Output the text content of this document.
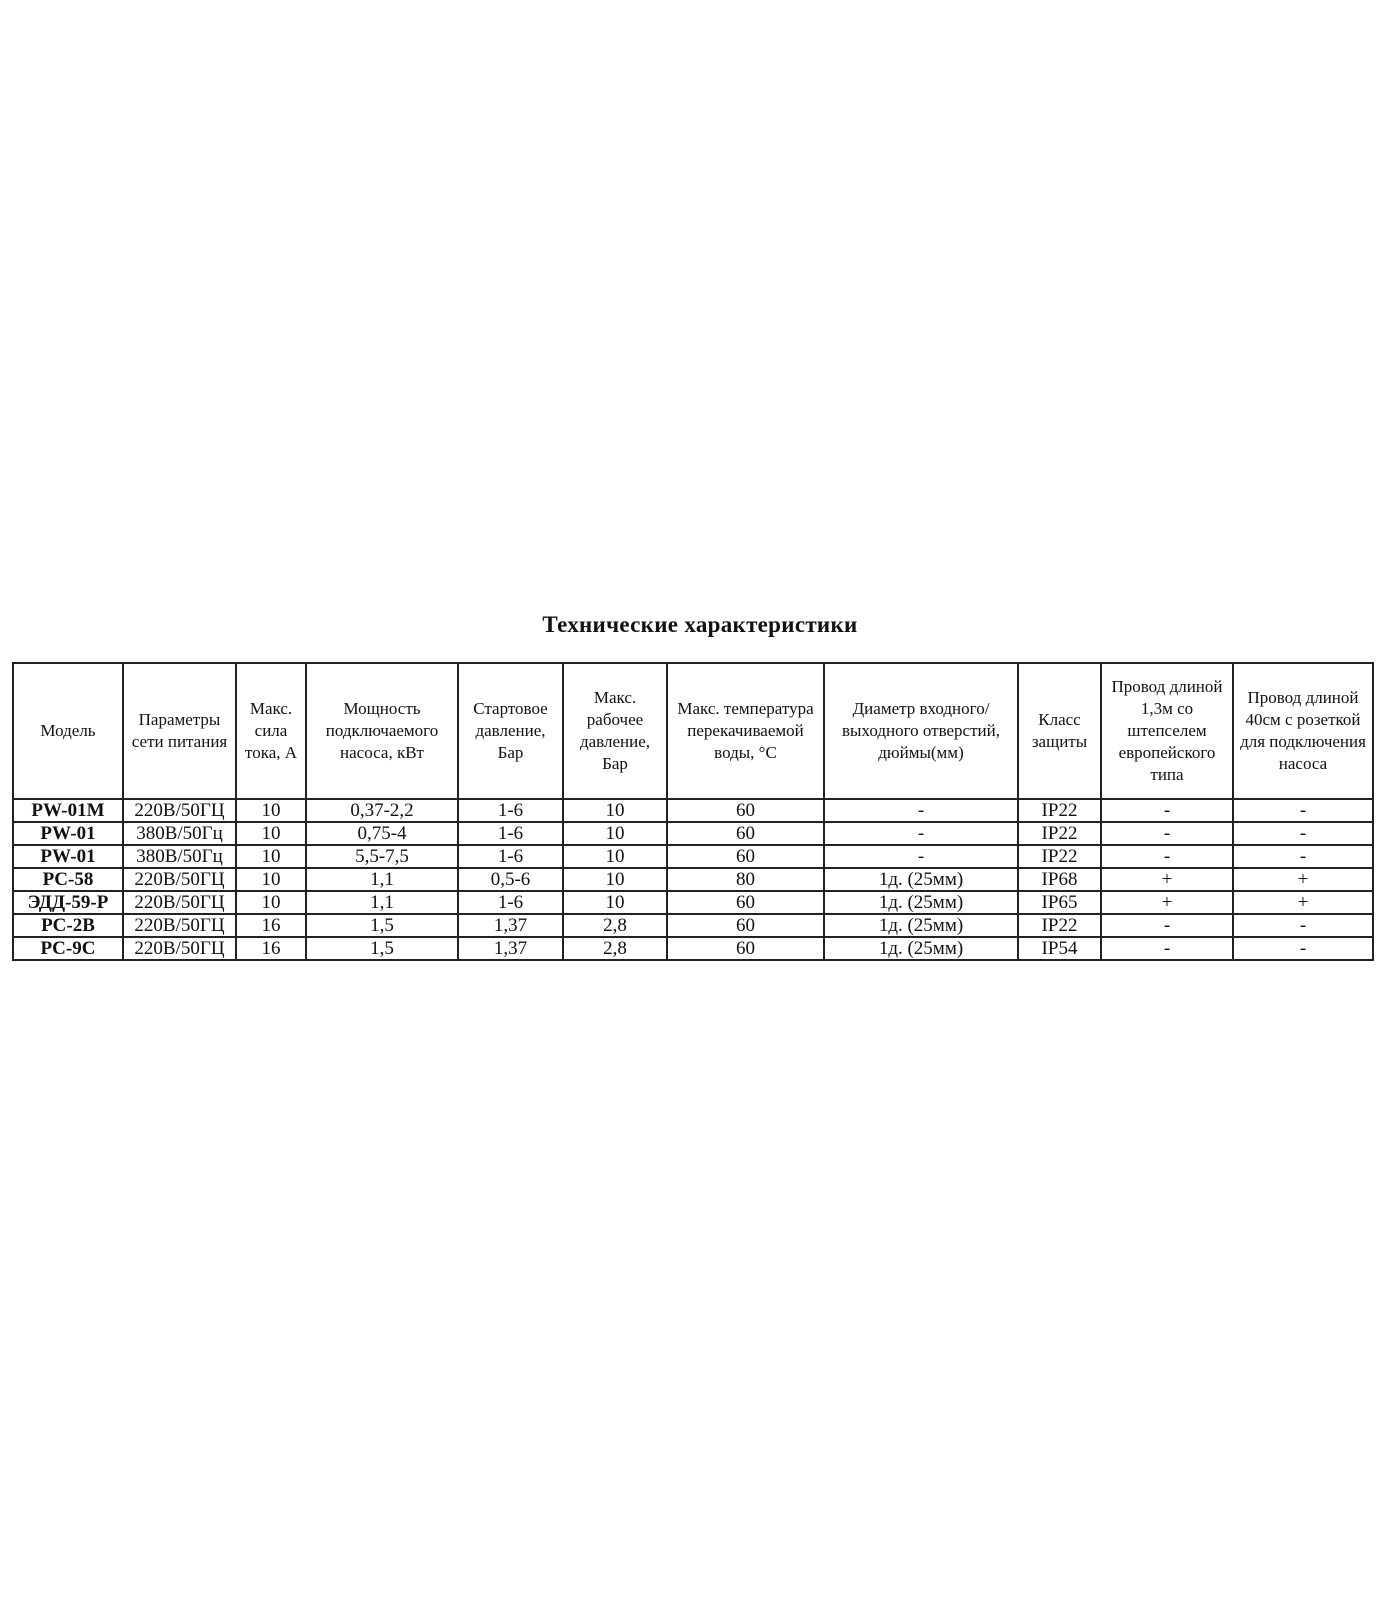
Технические характеристики
Модель	Параметры сети питания	Макс. сила тока, А	Мощность подключаемого насоса, кВт	Стартовое давление, Бар	Макс. рабочее давление, Бар	Макс. температура перекачиваемой воды, °С	Диаметр входного/выходного отверстий, дюймы(мм)	Класс защиты	Провод длиной 1,3м со штепселем европейского типа	Провод длиной 40см с розеткой для подключения насоса
PW-01M	220В/50ГЦ	10	0,37-2,2	1-6	10	60	-	IP22	-	-
PW-01	380В/50Гц	10	0,75-4	1-6	10	60	-	IP22	-	-
PW-01	380В/50Гц	10	5,5-7,5	1-6	10	60	-	IP22	-	-
PC-58	220В/50ГЦ	10	1,1	0,5-6	10	80	1д. (25мм)	IP68	+	+
ЭДД-59-Р	220В/50ГЦ	10	1,1	1-6	10	60	1д. (25мм)	IP65	+	+
PC-2B	220В/50ГЦ	16	1,5	1,37	2,8	60	1д. (25мм)	IP22	-	-
PC-9C	220В/50ГЦ	16	1,5	1,37	2,8	60	1д. (25мм)	IP54	-	-
